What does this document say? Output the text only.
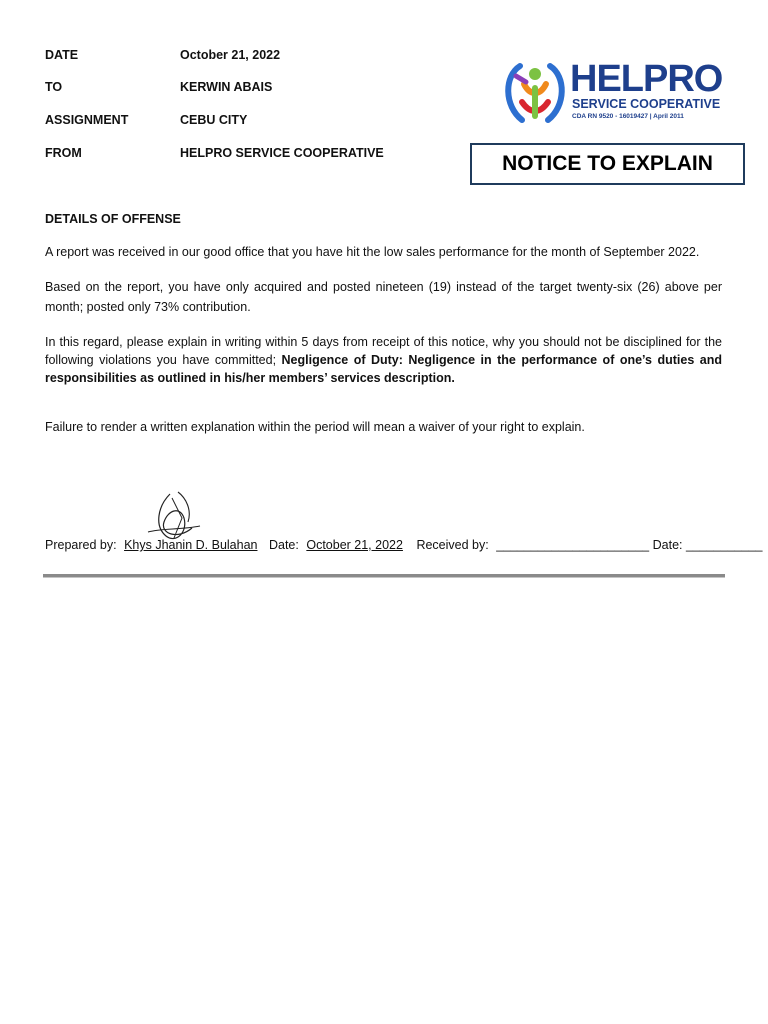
DATE	October 21, 2022
TO	KERWIN ABAIS
ASSIGNMENT	CEBU CITY
FROM	HELPRO SERVICE COOPERATIVE
HELPRO
SERVICE COOPERATIVE
CDA RN 9520 - 16019427 | April 2011
NOTICE TO EXPLAIN
DETAILS OF OFFENSE
A report was received in our good office that you have hit the low sales performance for the month of September 2022.
Based on the report, you have only acquired and posted nineteen (19) instead of the target twenty-six (26) above per month; posted only 73% contribution.
In this regard, please explain in writing within 5 days from receipt of this notice, why you should not be disciplined for the following violations you have committed; Negligence of Duty: Negligence in the performance of one’s duties and responsibilities as outlined in his/her members’ services description.
Failure to render a written explanation within the period will mean a waiver of your right to explain.
Prepared by: Khys Jhanin D. Bulahan Date: October 21, 2022 Received by: ______________________ Date: ___________
